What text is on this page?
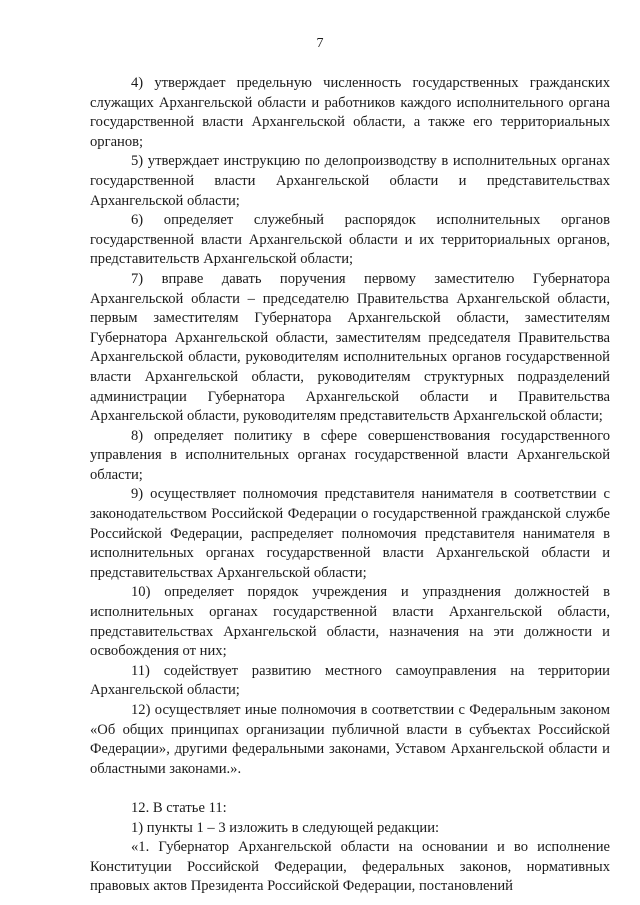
7

4) утверждает предельную численность государственных гражданских служащих Архангельской области и работников каждого исполнительного органа государственной власти Архангельской области, а также его территориальных органов;

5) утверждает инструкцию по делопроизводству в исполнительных органах государственной власти Архангельской области и представительствах Архангельской области;

6) определяет служебный распорядок исполнительных органов государственной власти Архангельской области и их территориальных органов, представительств Архангельской области;

7) вправе давать поручения первому заместителю Губернатора Архангельской области – председателю Правительства Архангельской области, первым заместителям Губернатора Архангельской области, заместителям Губернатора Архангельской области, заместителям председателя Правительства Архангельской области, руководителям исполнительных органов государственной власти Архангельской области, руководителям структурных подразделений администрации Губернатора Архангельской области и Правительства Архангельской области, руководителям представительств Архангельской области;

8) определяет политику в сфере совершенствования государственного управления в исполнительных органах государственной власти Архангельской области;

9) осуществляет полномочия представителя нанимателя в соответствии с законодательством Российской Федерации о государственной гражданской службе Российской Федерации, распределяет полномочия представителя нанимателя в исполнительных органах государственной власти Архангельской области и представительствах Архангельской области;

10) определяет порядок учреждения и упразднения должностей в исполнительных органах государственной власти Архангельской области, представительствах Архангельской области, назначения на эти должности и освобождения от них;

11) содействует развитию местного самоуправления на территории Архангельской области;

12) осуществляет иные полномочия в соответствии с Федеральным законом «Об общих принципах организации публичной власти в субъектах Российской Федерации», другими федеральными законами, Уставом Архангельской области и областными законами.».

12. В статье 11:

1) пункты 1 – 3 изложить в следующей редакции:

«1. Губернатор Архангельской области на основании и во исполнение Конституции Российской Федерации, федеральных законов, нормативных правовых актов Президента Российской Федерации, постановлений
